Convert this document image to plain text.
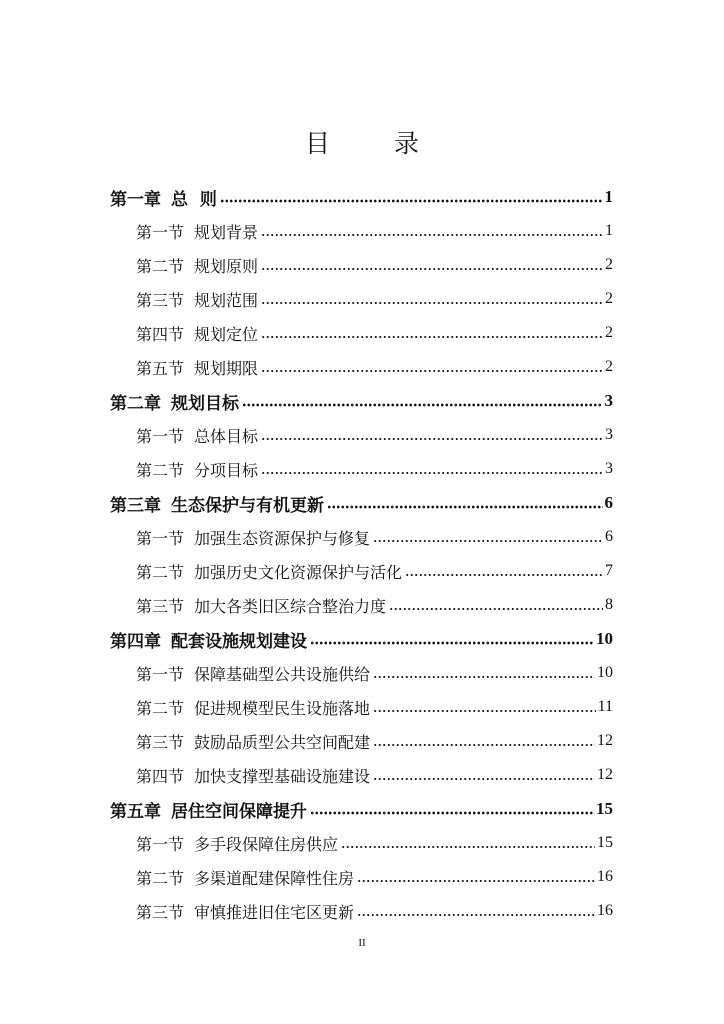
目 录
第一章 总  则	1
第一节 规划背景	1
第二节 规划原则	2
第三节 规划范围	2
第四节 规划定位	2
第五节 规划期限	2
第二章 规划目标	3
第一节 总体目标	3
第二节 分项目标	3
第三章 生态保护与有机更新	6
第一节 加强生态资源保护与修复	6
第二节 加强历史文化资源保护与活化	7
第三节 加大各类旧区综合整治力度	8
第四章 配套设施规划建设	10
第一节 保障基础型公共设施供给	10
第二节 促进规模型民生设施落地	11
第三节 鼓励品质型公共空间配建	12
第四节 加快支撑型基础设施建设	12
第五章 居住空间保障提升	15
第一节 多手段保障住房供应	15
第二节 多渠道配建保障性住房	16
第三节 审慎推进旧住宅区更新	16
II
